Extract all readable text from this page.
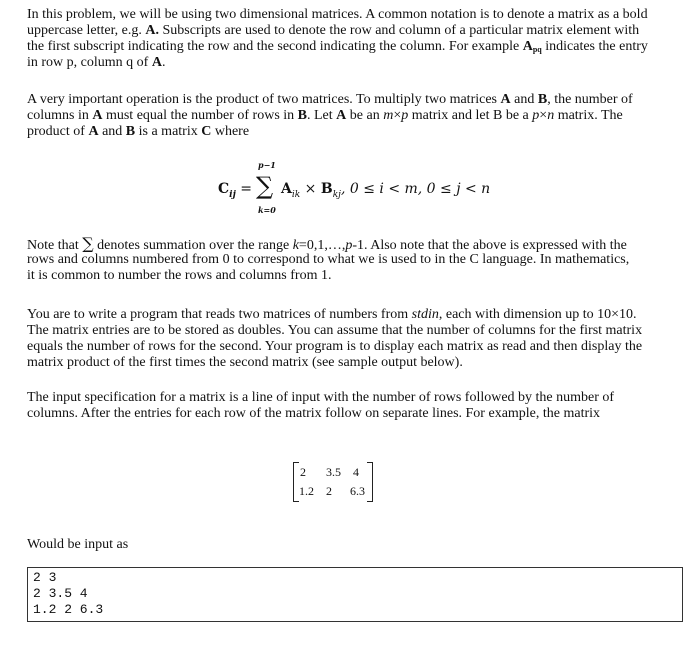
In this problem, we will be using two dimensional matrices. A common notation is to denote a matrix as a bold
uppercase letter, e.g. A. Subscripts are used to denote the row and column of a particular matrix element with
the first subscript indicating the row and the second indicating the column. For example $A_{pq}$ indicates the entry
in row p, column q of A.
A very important operation is the product of two matrices. To multiply two matrices A and B, the number of
columns in A must equal the number of rows in B. Let A be an m×p matrix and let B be a p×n matrix. The
product of A and B is a matrix C where
Note that ∑ denotes summation over the range k=0,1,…,p-1. Also note that the above is expressed with the
rows and columns numbered from 0 to correspond to what we is used to in the C language. In mathematics,
it is common to number the rows and columns from 1.
You are to write a program that reads two matrices of numbers from stdin, each with dimension up to 10×10.
The matrix entries are to be stored as doubles. You can assume that the number of columns for the first matrix
equals the number of rows for the second. Your program is to display each matrix as read and then display the
matrix product of the first times the second matrix (see sample output below).
The input specification for a matrix is a line of input with the number of rows followed by the number of
columns. After the entries for each row of the matrix follow on separate lines. For example, the matrix
Would be input as
$C_{ij}$ =
p−1
∑
k=0
$A_{ik} \times B_{kj}$, 0 ≤ i < m, 0 ≤ j < n
2 3.5 4
1.2 2 6.3
2 3
2 3.5 4
1.2 2 6.3
